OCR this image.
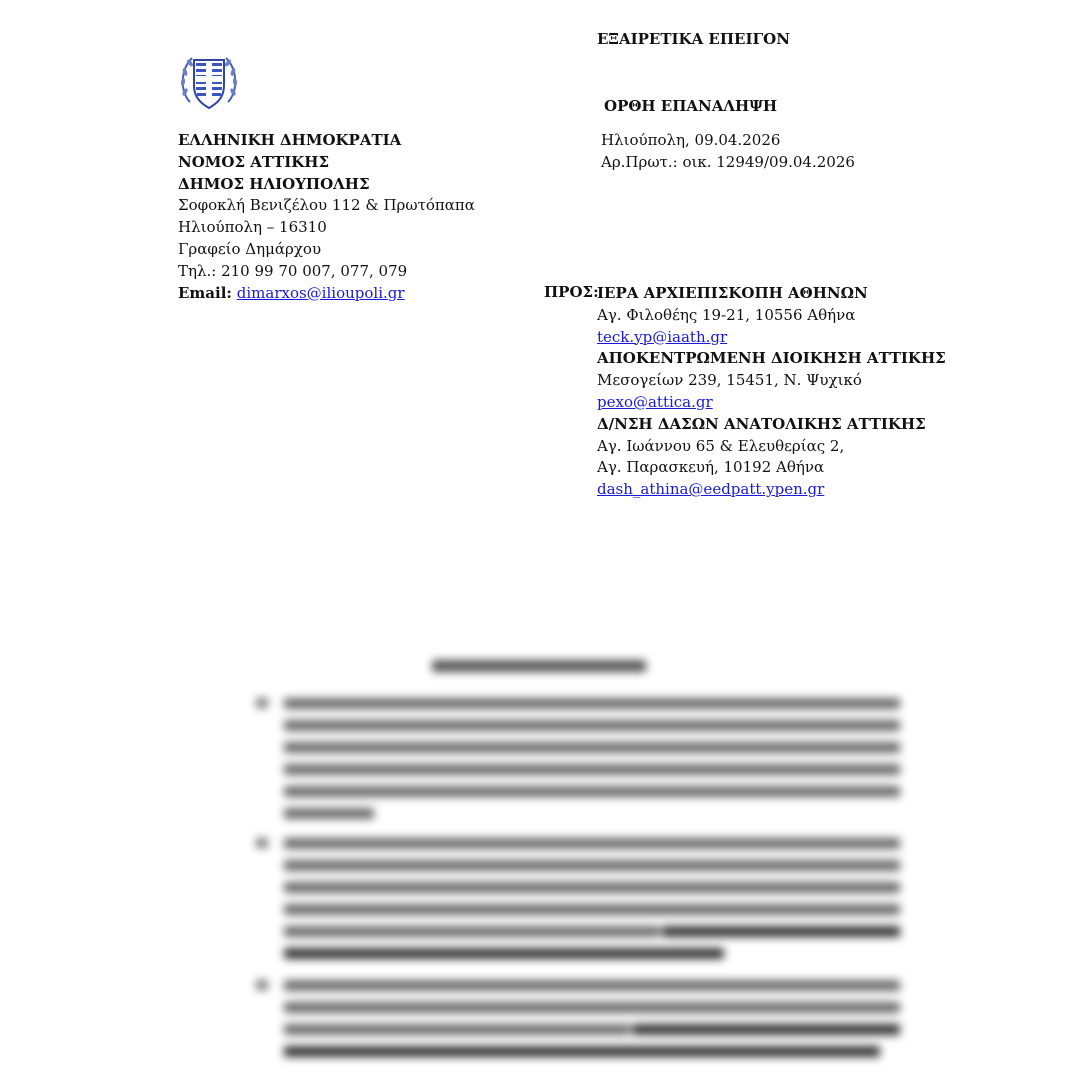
ΕΞΑΙΡΕΤΙΚΑ ΕΠΕΙΓΟΝ
ΟΡΘΗ ΕΠΑΝΑΛΗΨΗ

ΕΛΛΗΝΙΚΗ ΔΗΜΟΚΡΑΤΙΑ

ΝΟΜΟΣ ΑΤΤΙΚΗΣ

ΔΗΜΟΣ ΗΛΙΟΥΠΟΛΗΣ

Σοφοκλή Βενιζέλου 112 & Πρωτόπαπα

Ηλιούπολη – 16310

Γραφείο Δημάρχου

Τηλ.: 210 99 70 007, 077, 079

Email: dimarxos@ilioupoli.gr

Ηλιούπολη, 09.04.2026

Αρ.Πρωτ.: οικ. 12949/09.04.2026

ΠΡΟΣ:

ΙΕΡΑ ΑΡΧΙΕΠΙΣΚΟΠΗ ΑΘΗΝΩΝ

Αγ. Φιλοθέης 19-21, 10556 Αθήνα

teck.yp@iaath.gr

ΑΠΟΚΕΝΤΡΩΜΕΝΗ ΔΙΟΙΚΗΣΗ ΑΤΤΙΚΗΣ

Μεσογείων 239, 15451, Ν. Ψυχικό

pexo@attica.gr

Δ/ΝΣΗ ΔΑΣΩΝ ΑΝΑΤΟΛΙΚΗΣ ΑΤΤΙΚΗΣ

Αγ. Ιωάννου 65 & Ελευθερίας 2,

Αγ. Παρασκευή, 10192 Αθήνα

dash_athina@eedpatt.ypen.gr
